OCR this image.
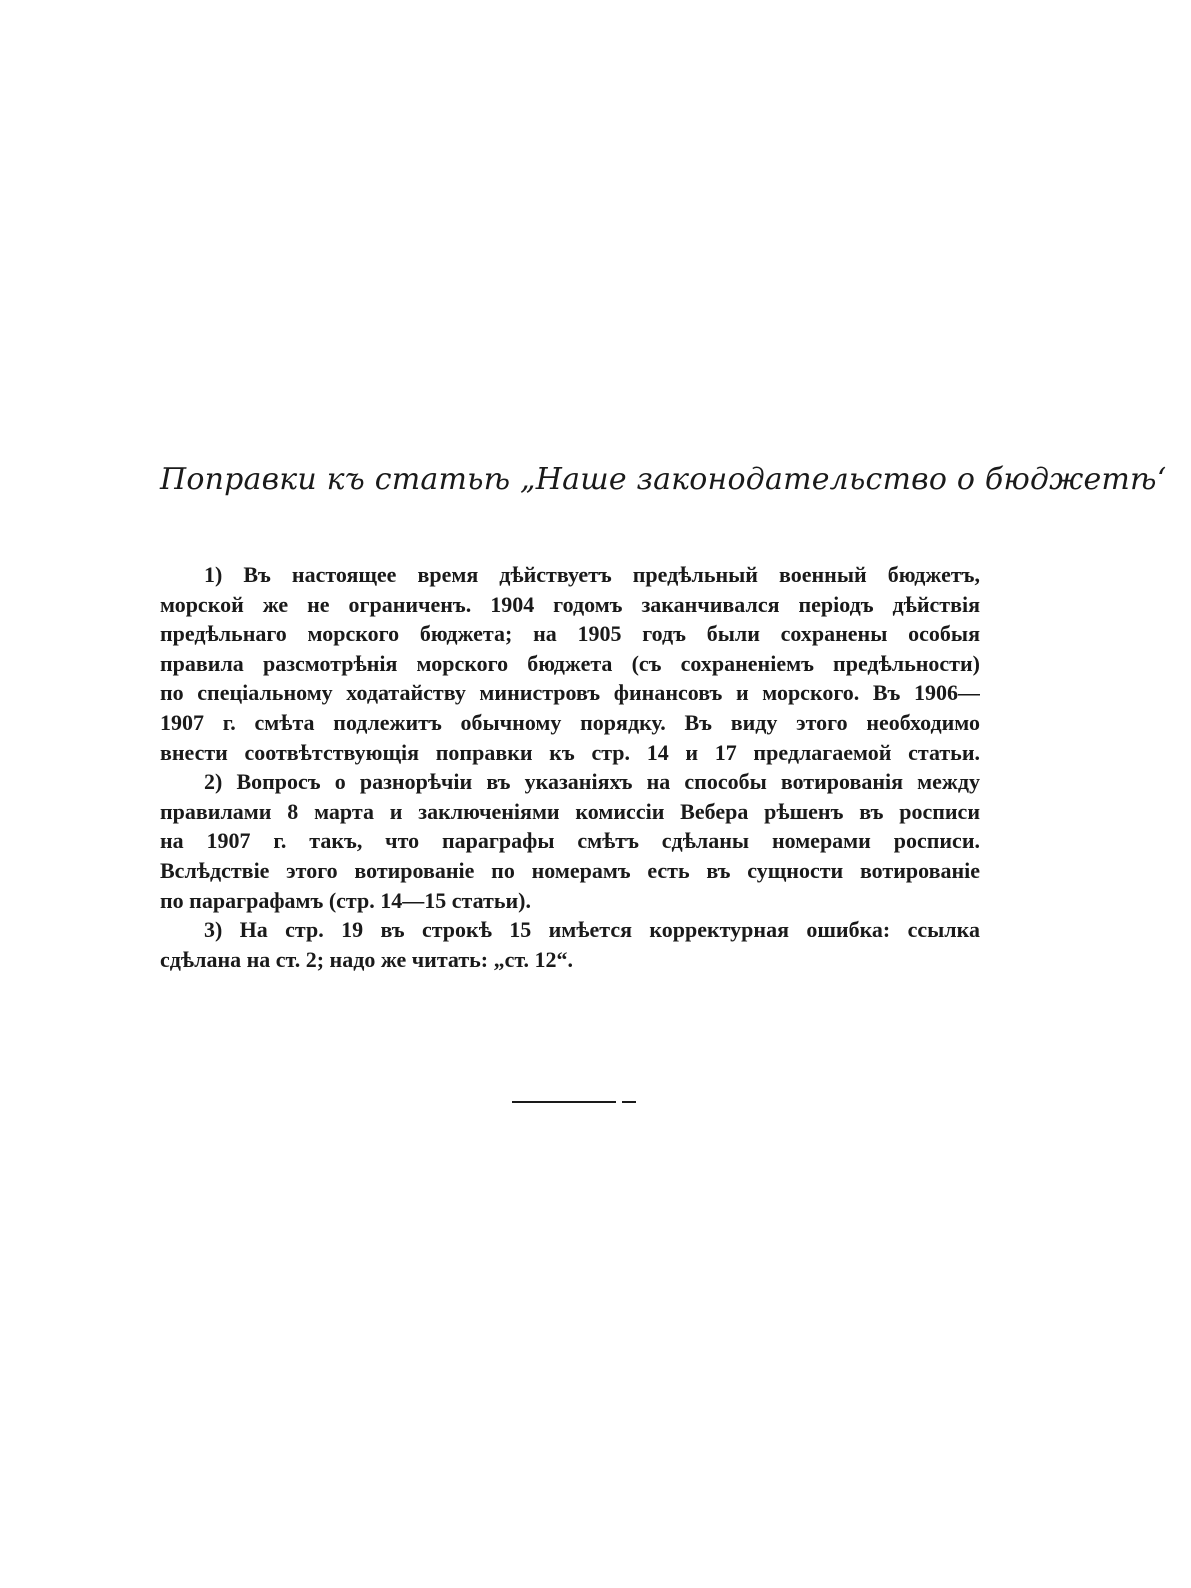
Поправки къ статьѣ „Наше законодательство о бюджетѣ‘

1) Въ настоящее время дѣйствуетъ предѣльный военный бюджетъ,
морской же не ограниченъ. 1904 годомъ заканчивался періодъ дѣйствія
предѣльнаго морского бюджета; на 1905 годъ были сохранены особыя
правила разсмотрѣнія морского бюджета (съ сохраненіемъ предѣльности)
по спеціальному ходатайству министровъ финансовъ и морского. Въ 1906—
1907 г. смѣта подлежитъ обычному порядку. Въ виду этого необходимо
внести соотвѣтствующія поправки къ стр. 14 и 17 предлагаемой статьи.

2) Вопросъ о разнорѣчіи въ указаніяхъ на способы вотированія между
правилами 8 марта и заключеніями комиссіи Вебера рѣшенъ въ росписи
на 1907 г. такъ, что параграфы смѣтъ сдѣланы номерами росписи.
Вслѣдствіе этого вотированіе по номерамъ есть въ сущности вотированіе
по параграфамъ (стр. 14—15 статьи).

3) На стр. 19 въ строкѣ 15 имѣется корректурная ошибка: ссылка
сдѣлана на ст. 2; надо же читать: „ст. 12“.
